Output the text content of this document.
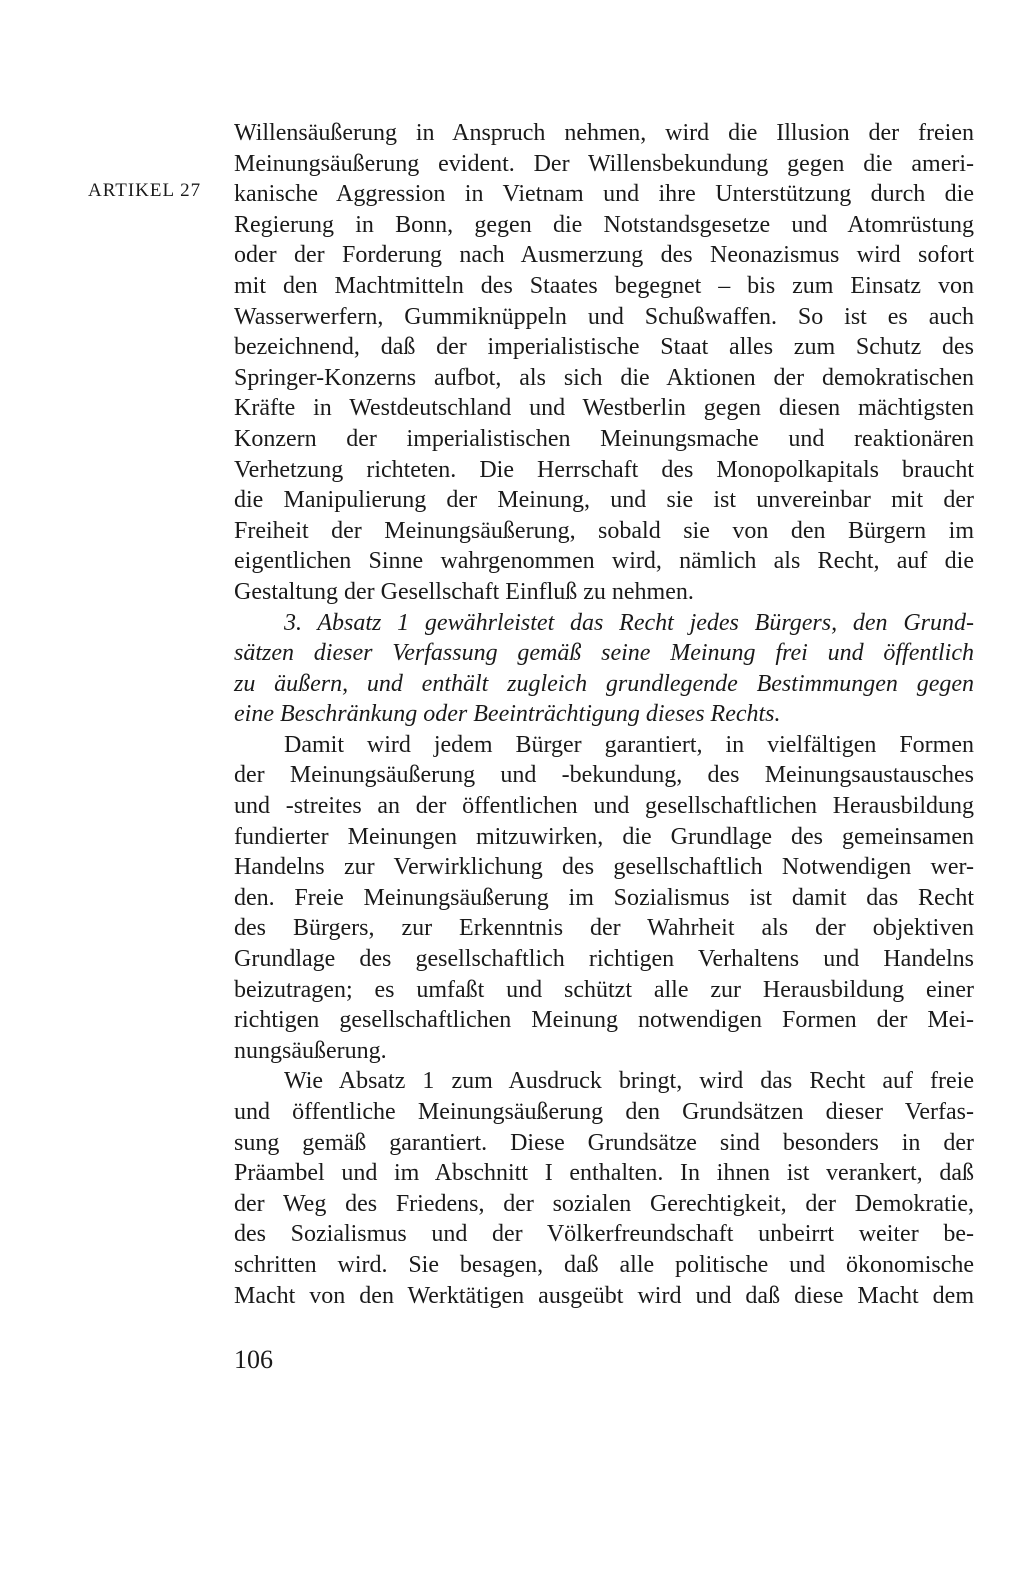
ARTIKEL 27
Willensäußerung in Anspruch nehmen, wird die Illusion der freien
Meinungsäußerung evident. Der Willensbekundung gegen die ameri-
kanische Aggression in Vietnam und ihre Unterstützung durch die
Regierung in Bonn, gegen die Notstandsgesetze und Atomrüstung
oder der Forderung nach Ausmerzung des Neonazismus wird sofort
mit den Machtmitteln des Staates begegnet – bis zum Einsatz von
Wasserwerfern, Gummiknüppeln und Schußwaffen. So ist es auch
bezeichnend, daß der imperialistische Staat alles zum Schutz des
Springer-Konzerns aufbot, als sich die Aktionen der demokratischen
Kräfte in Westdeutschland und Westberlin gegen diesen mächtigsten
Konzern der imperialistischen Meinungsmache und reaktionären
Verhetzung richteten. Die Herrschaft des Monopolkapitals braucht
die Manipulierung der Meinung, und sie ist unvereinbar mit der
Freiheit der Meinungsäußerung, sobald sie von den Bürgern im
eigentlichen Sinne wahrgenommen wird, nämlich als Recht, auf die
Gestaltung der Gesellschaft Einfluß zu nehmen.
3. Absatz 1 gewährleistet das Recht jedes Bürgers, den Grund-
sätzen dieser Verfassung gemäß seine Meinung frei und öffentlich
zu äußern, und enthält zugleich grundlegende Bestimmungen gegen
eine Beschränkung oder Beeinträchtigung dieses Rechts.
Damit wird jedem Bürger garantiert, in vielfältigen Formen
der Meinungsäußerung und -bekundung, des Meinungsaustausches
und -streites an der öffentlichen und gesellschaftlichen Herausbildung
fundierter Meinungen mitzuwirken, die Grundlage des gemeinsamen
Handelns zur Verwirklichung des gesellschaftlich Notwendigen wer-
den. Freie Meinungsäußerung im Sozialismus ist damit das Recht
des Bürgers, zur Erkenntnis der Wahrheit als der objektiven
Grundlage des gesellschaftlich richtigen Verhaltens und Handelns
beizutragen; es umfaßt und schützt alle zur Herausbildung einer
richtigen gesellschaftlichen Meinung notwendigen Formen der Mei-
nungsäußerung.
Wie Absatz 1 zum Ausdruck bringt, wird das Recht auf freie
und öffentliche Meinungsäußerung den Grundsätzen dieser Verfas-
sung gemäß garantiert. Diese Grundsätze sind besonders in der
Präambel und im Abschnitt I enthalten. In ihnen ist verankert, daß
der Weg des Friedens, der sozialen Gerechtigkeit, der Demokratie,
des Sozialismus und der Völkerfreundschaft unbeirrt weiter be-
schritten wird. Sie besagen, daß alle politische und ökonomische
Macht von den Werktätigen ausgeübt wird und daß diese Macht dem
106
